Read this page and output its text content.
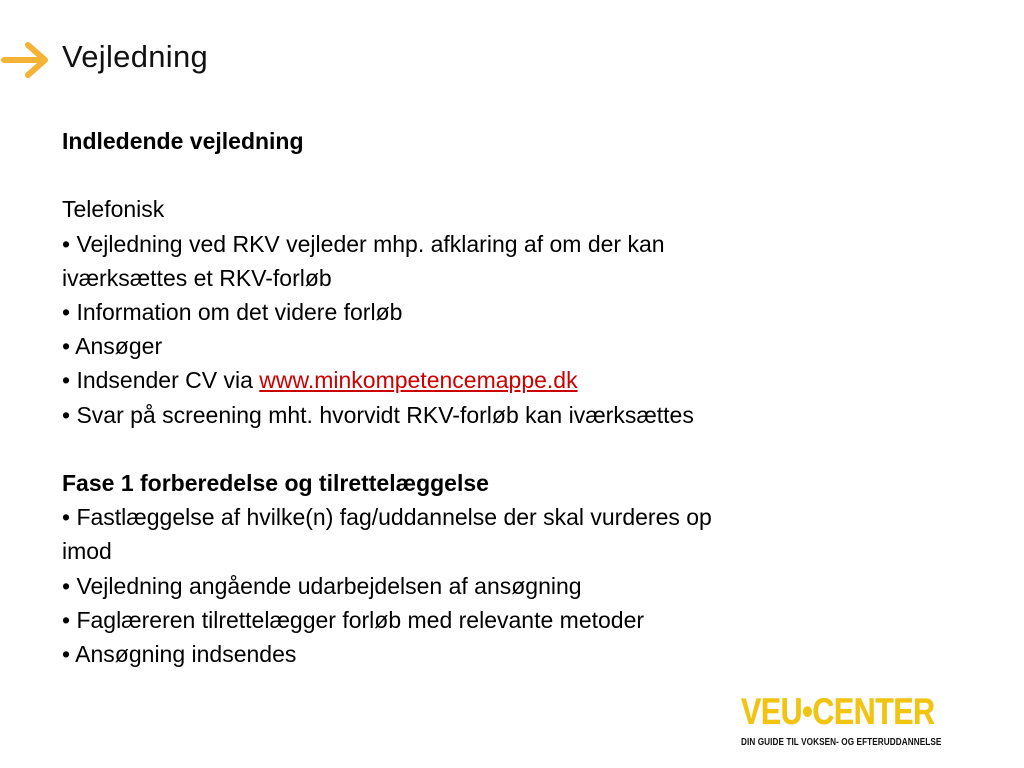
Vejledning
Indledende vejledning
Telefonisk
• Vejledning ved RKV vejleder mhp. afklaring af om der kan
iværksættes et RKV-forløb
• Information om det videre forløb
• Ansøger
• Indsender CV via www.minkompetencemappe.dk
• Svar på screening mht. hvorvidt RKV-forløb kan iværksættes
Fase 1 forberedelse og tilrettelæggelse
• Fastlæggelse af hvilke(n) fag/uddannelse der skal vurderes op
imod
• Vejledning angående udarbejdelsen af ansøgning
• Faglæreren tilrettelægger forløb med relevante metoder
• Ansøgning indsendes
VEU•CENTER
DIN GUIDE TIL VOKSEN- OG EFTERUDDANNELSE
